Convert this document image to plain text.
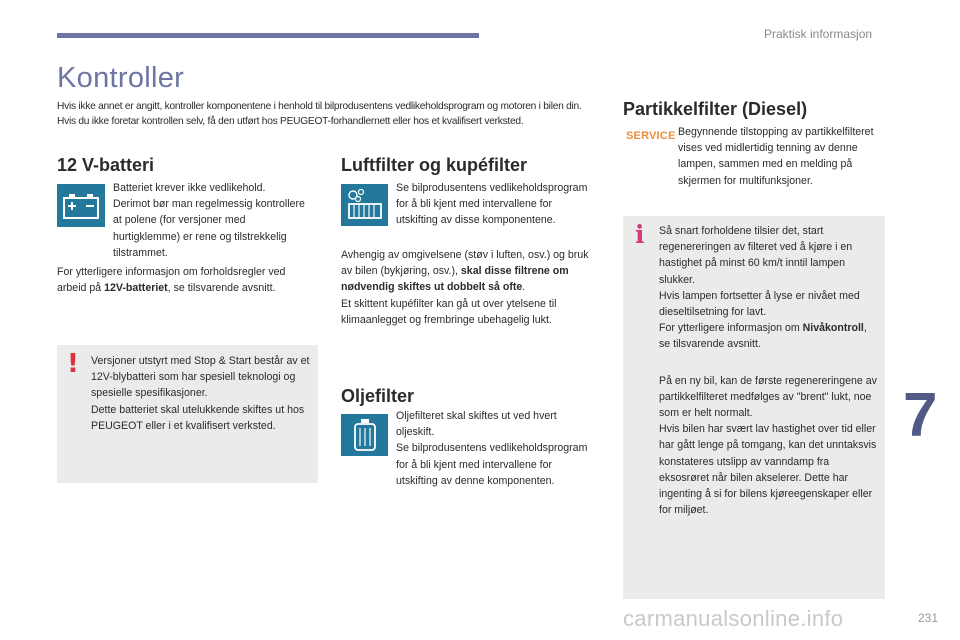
Praktisk informasjon
Kontroller

Hvis ikke annet er angitt, kontroller komponentene i henhold til bilprodusentens vedlikeholdsprogram og motoren i bilen din.

Hvis du ikke foretar kontrollen selv, få den utført hos PEUGEOT-forhandlernett eller hos et kvalifisert verksted.

12 V-batteri
Batteriet krever ikke vedlikehold. Derimot bør man regelmessig kontrollere at polene (for versjoner med hurtigklemme) er rene og tilstrekkelig tilstrammet.
For ytterligere informasjon om forholdsregler ved arbeid på 12V-batteriet, se tilsvarende avsnitt.
! Versjoner utstyrt med Stop & Start består av et 12V-blybatteri som har spesiell teknologi og spesielle spesifikasjoner.

Dette batteriet skal utelukkende skiftes ut hos PEUGEOT eller i et kvalifisert verksted.

Luftfilter og kupéfilter
Se bilprodusentens vedlikeholdsprogram for å bli kjent med intervallene for utskifting av disse komponentene.

Avhengig av omgivelsene (støv i luften, osv.) og bruk av bilen (bykjøring, osv.), skal disse filtrene om nødvendig skiftes ut dobbelt så ofte.

Et skittent kupéfilter kan gå ut over ytelsene til klimaanlegget og frembringe ubehagelig lukt.

Oljefilter

Oljefilteret skal skiftes ut ved hvert oljeskift.

Se bilprodusentens vedlikeholdsprogram for å bli kjent med intervallene for utskifting av denne komponenten.

Partikkelfilter (Diesel)
SERVICE Begynnende tilstopping av partikkelfilteret vises ved midlertidig tenning av denne lampen, sammen med en melding på skjermen for multifunksjoner.
i Så snart forholdene tilsier det, start regenereringen av filteret ved å kjøre i en hastighet på minst 60 km/t inntil lampen slukker.

Hvis lampen fortsetter å lyse er nivået med dieseltilsetning for lavt.

For ytterligere informasjon om Nivåkontroll, se tilsvarende avsnitt.

På en ny bil, kan de første regenereringene av partikkelfilteret medfølges av "brent" lukt, noe som er helt normalt.

Hvis bilen har svært lav hastighet over tid eller har gått lenge på tomgang, kan det unntaksvis konstateres utslipp av vanndamp fra eksosrøret når bilen akselerer. Dette har ingenting å si for bilens kjøreegenskaper eller for miljøet.

7
carmanualsonline.info	231
